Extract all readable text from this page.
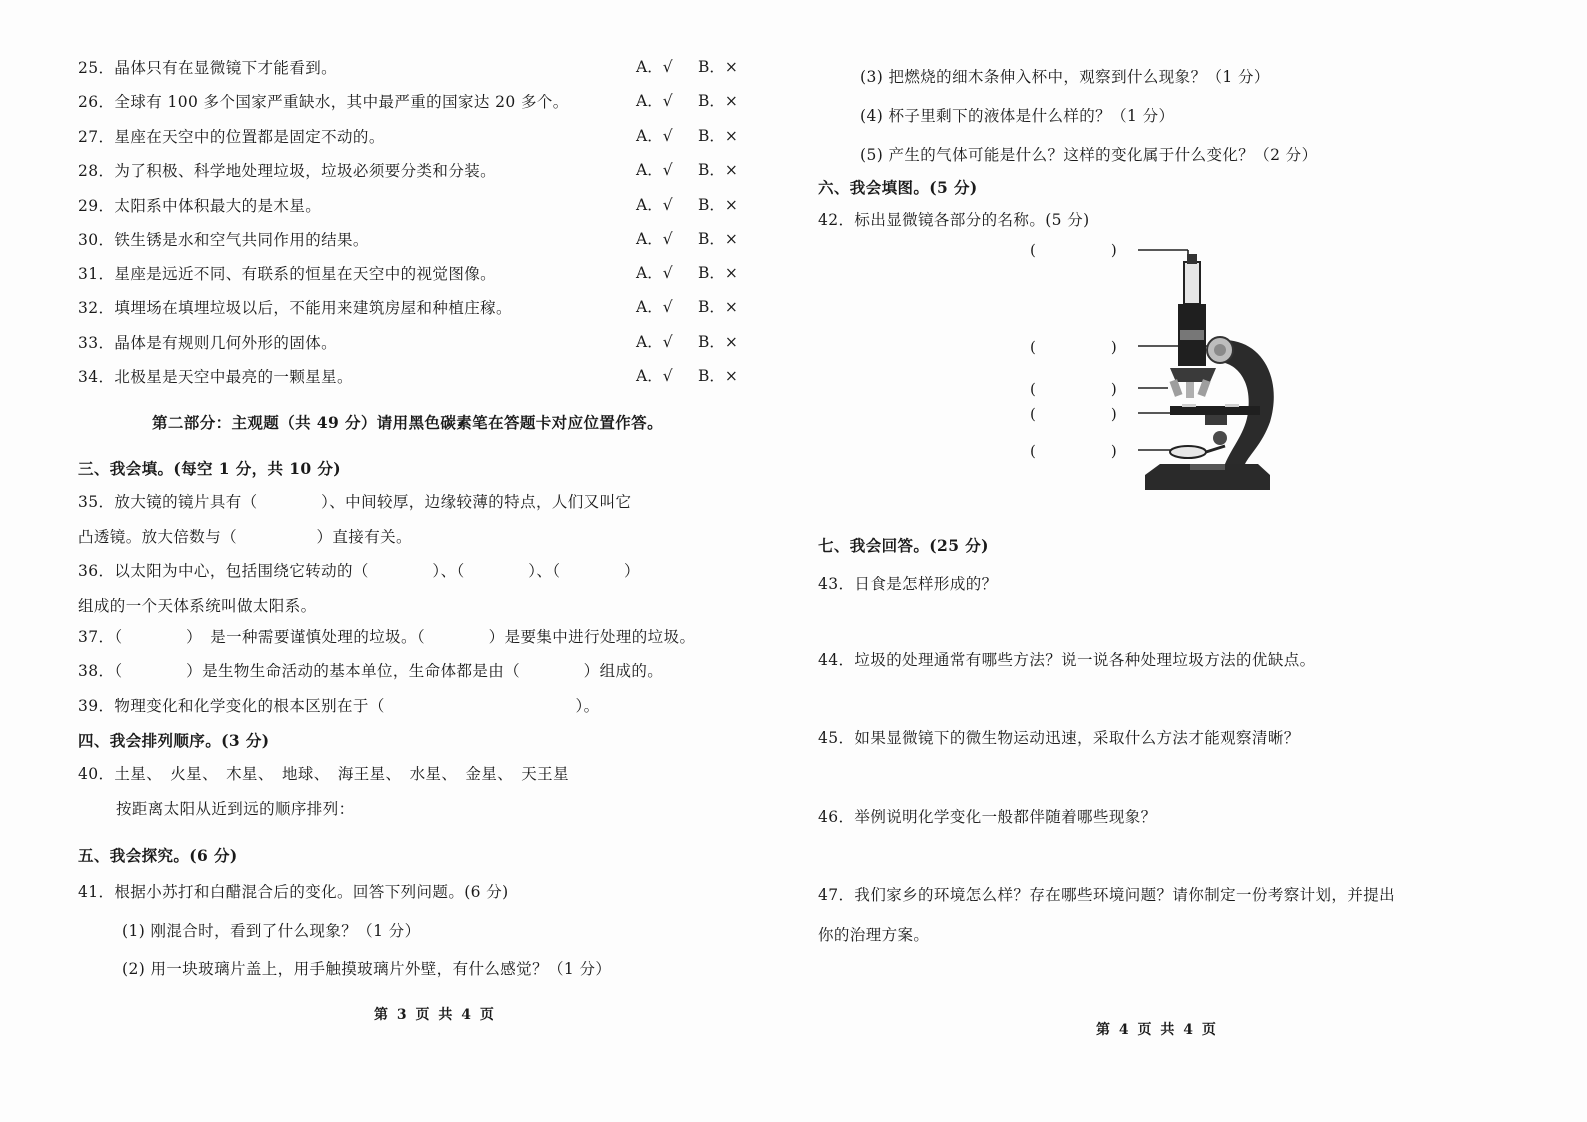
25．晶体只有在显微镜下才能看到。	A．√ B．×
26．全球有 100 多个国家严重缺水，其中最严重的国家达 20 多个。	A．√ B．×
27．星座在天空中的位置都是固定不动的。	A．√ B．×
28．为了积极、科学地处理垃圾，垃圾必须要分类和分装。	A．√ B．×
29．太阳系中体积最大的是木星。	A．√ B．×
30．铁生锈是水和空气共同作用的结果。	A．√ B．×
31．星座是远近不同、有联系的恒星在天空中的视觉图像。	A．√ B．×
32．填埋场在填埋垃圾以后，不能用来建筑房屋和种植庄稼。	A．√ B．×
33．晶体是有规则几何外形的固体。	A．√ B．×
34．北极星是天空中最亮的一颗星星。	A．√ B．×
第二部分：主观题（共 49 分）请用黑色碳素笔在答题卡对应位置作答。
三、我会填。(每空 1 分，共 10 分)
35．放大镜的镜片具有（　　　　）、中间较厚，边缘较薄的特点，人们又叫它
凸透镜。放大倍数与（　　　　　）直接有关。
36．以太阳为中心，包括围绕它转动的（　　　　）、（　　　　）、（　　　　）
组成的一个天体系统叫做太阳系。
37．（　　　　）　是一种需要谨慎处理的垃圾。（　　　　）是要集中进行处理的垃圾。
38．（　　　　）是生物生命活动的基本单位，生命体都是由（　　　　）组成的。
39．物理变化和化学变化的根本区别在于（　　　　　　　　　　　　）。
四、我会排列顺序。(3 分)
40．土星、　火星、　木星、　地球、　海王星、　水星、　金星、　天王星
按距离太阳从近到远的顺序排列：
五、我会探究。(6 分)
41．根据小苏打和白醋混合后的变化。回答下列问题。(6 分)
(1) 刚混合时，看到了什么现象？（1 分）
(2) 用一块玻璃片盖上，用手触摸玻璃片外壁，有什么感觉？（1 分）
第 3 页 共 4 页
(3) 把燃烧的细木条伸入杯中，观察到什么现象？（1 分）
(4) 杯子里剩下的液体是什么样的？（1 分）
(5) 产生的气体可能是什么？这样的变化属于什么变化？（2 分）
六、我会填图。(5 分)
42．标出显微镜各部分的名称。(5 分)
七、我会回答。(25 分)
43．日食是怎样形成的？
44．垃圾的处理通常有哪些方法？说一说各种处理垃圾方法的优缺点。
45．如果显微镜下的微生物运动迅速，采取什么方法才能观察清晰？
46．举例说明化学变化一般都伴随着哪些现象？
47．我们家乡的环境怎么样？存在哪些环境问题？请你制定一份考察计划，并提出
你的治理方案。
第 4 页 共 4 页
(　　　　　)
(　　　　　)
(　　　　　)
(　　　　　)
(　　　　　)
